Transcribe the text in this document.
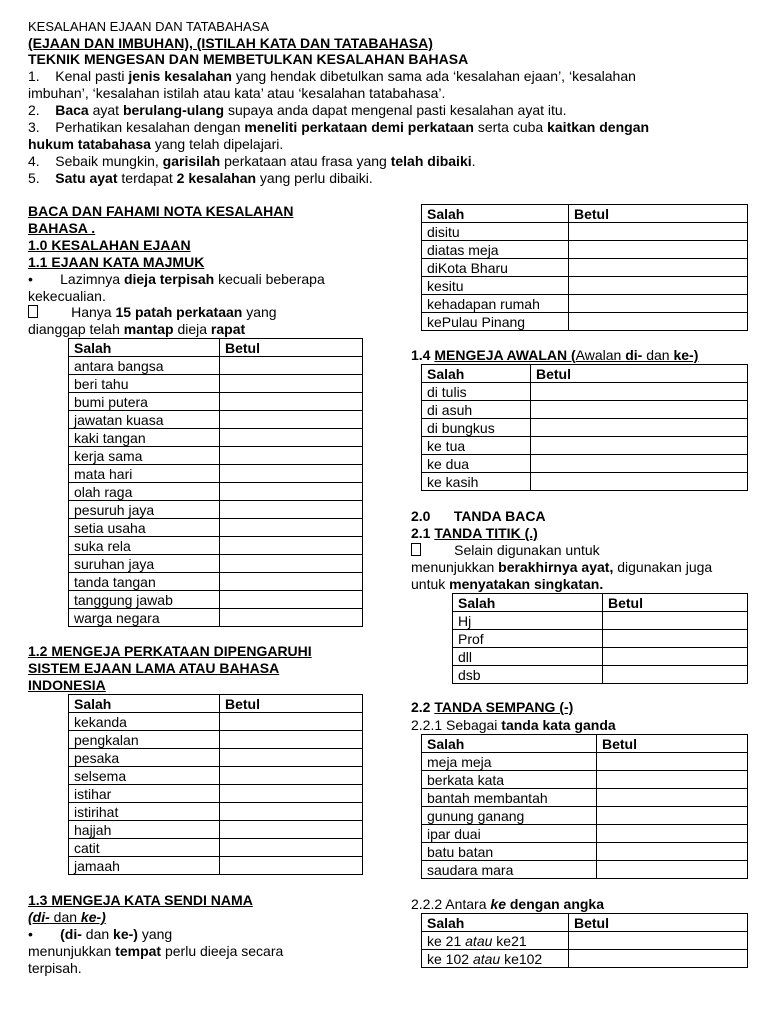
KESALAHAN EJAAN DAN TATABAHASA
(EJAAN DAN IMBUHAN), (ISTILAH KATA DAN TATABAHASA)
TEKNIK MENGESAN DAN MEMBETULKAN KESALAHAN BAHASA
1. Kenal pasti jenis kesalahan yang hendak dibetulkan sama ada ‘kesalahan ejaan’, ‘kesalahan
imbuhan’, ‘kesalahan istilah atau kata’ atau ‘kesalahan tatabahasa’.
2. Baca ayat berulang-ulang supaya anda dapat mengenal pasti kesalahan ayat itu.
3. Perhatikan kesalahan dengan meneliti perkataan demi perkataan serta cuba kaitkan dengan
hukum tatabahasa yang telah dipelajari.
4. Sebaik mungkin, garisilah perkataan atau frasa yang telah dibaiki.
5. Satu ayat terdapat 2 kesalahan yang perlu dibaiki.
BACA DAN FAHAMI NOTA KESALAHAN
BAHASA .
1.0 KESALAHAN EJAAN
1.1 EJAAN KATA MAJMUK
• Lazimnya dieja terpisah kecuali beberapa
kekecualian.
Hanya 15 patah perkataan yang
dianggap telah mantap dieja rapat
Salah	Betul
antara bangsa	
beri tahu	
bumi putera	
jawatan kuasa	
kaki tangan	
kerja sama	
mata hari	
olah raga	
pesuruh jaya	
setia usaha	
suka rela	
suruhan jaya	
tanda tangan	
tanggung jawab	
warga negara	
1.2 MENGEJA PERKATAAN DIPENGARUHI
SISTEM EJAAN LAMA ATAU BAHASA
INDONESIA
Salah	Betul
kekanda	
pengkalan	
pesaka	
selsema	
istihar	
istirihat	
hajjah	
catit	
jamaah	
1.3 MENGEJA KATA SENDI NAMA
(di- dan ke-)
• (di- dan ke-) yang
menunjukkan tempat perlu dieeja secara
terpisah.
Salah	Betul
disitu	
diatas meja	
diKota Bharu	
kesitu	
kehadapan rumah	
kePulau Pinang	
1.4 MENGEJA AWALAN (Awalan di- dan ke-)
Salah	Betul
di tulis	
di asuh	
di bungkus	
ke tua	
ke dua	
ke kasih	
2.0 TANDA BACA
2.1 TANDA TITIK (.)
Selain digunakan untuk
menunjukkan berakhirnya ayat, digunakan juga
untuk menyatakan singkatan.
Salah	Betul
Hj	
Prof	
dll	
dsb	
2.2 TANDA SEMPANG (-)
2.2.1 Sebagai tanda kata ganda
Salah	Betul
meja meja	
berkata kata	
bantah membantah	
gunung ganang	
ipar duai	
batu batan	
saudara mara	
2.2.2 Antara ke dengan angka
Salah	Betul
ke 21 atau ke21	
ke 102 atau ke102	
